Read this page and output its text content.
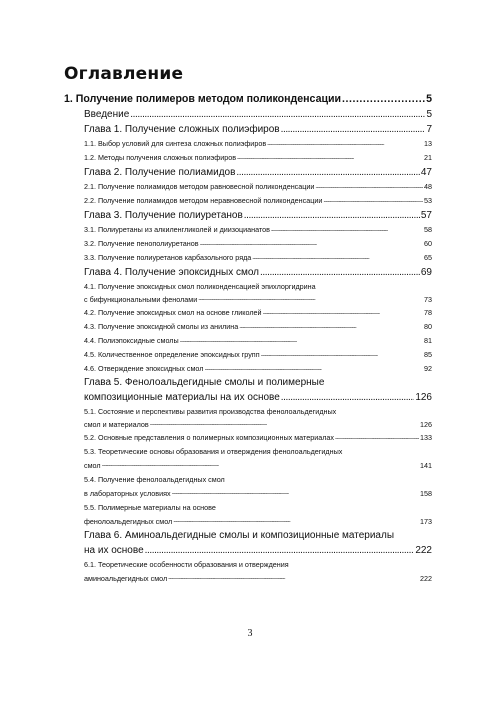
Оглавление
1. Получение полимеров методом поликонденсации . . .	5
Введение . . .	5
Глава 1. Получение сложных полиэфиров . . .	7
1.1. Выбор условий для синтеза сложных полиэфиров . . .	13
1.2. Методы получения сложных полиэфиров . . .	21
Глава 2. Получение полиамидов . . .	47
2.1. Получение полиамидов методом равновесной поликонденсации . . .	48
2.2. Получение полиамидов методом неравновесной поликонденсации . . .	53
Глава 3. Получение полиуретанов . . .	57
3.1. Полиуретаны из алкиленгликолей и диизоцианатов . . .	58
3.2. Получение пенополиуретанов . . .	60
3.3. Получение полиуретанов карбазольного ряда . . .	65
Глава 4. Получение эпоксидных смол . . .	69
4.1. Получение эпоксидных смол поликонденсацией эпихлоргидрина
с бифункциональными фенолами . . .	73
4.2. Получение эпоксидных смол на основе гликолей . . .	78
4.3. Получение эпоксидной смолы из анилина . . .	80
4.4. Полиэпоксидные смолы . . .	81
4.5. Количественное определение эпоксидных групп . . .	85
4.6. Отверждение эпоксидных смол . . .	92
Глава 5. Фенолоальдегидные смолы и полимерные
композиционные материалы на их основе . . .	126
5.1. Состояние и перспективы развития производства фенолоальдегидных
смол и материалов . . .	126
5.2. Основные представления о полимерных композиционных материалах . . .	133
5.3. Теоретические основы образования и отверждения фенолоальдегидных
смол . . .	141
5.4. Получение фенолоальдегидных смол
в лабораторных условиях . . .	158
5.5. Полимерные материалы на основе
фенолоальдегидных смол . . .	173
Глава 6. Аминоальдегидные смолы и композиционные материалы
на их основе . . .	222
6.1. Теоретические особенности образования и отверждения
аминоальдегидных смол . . .	222
3
